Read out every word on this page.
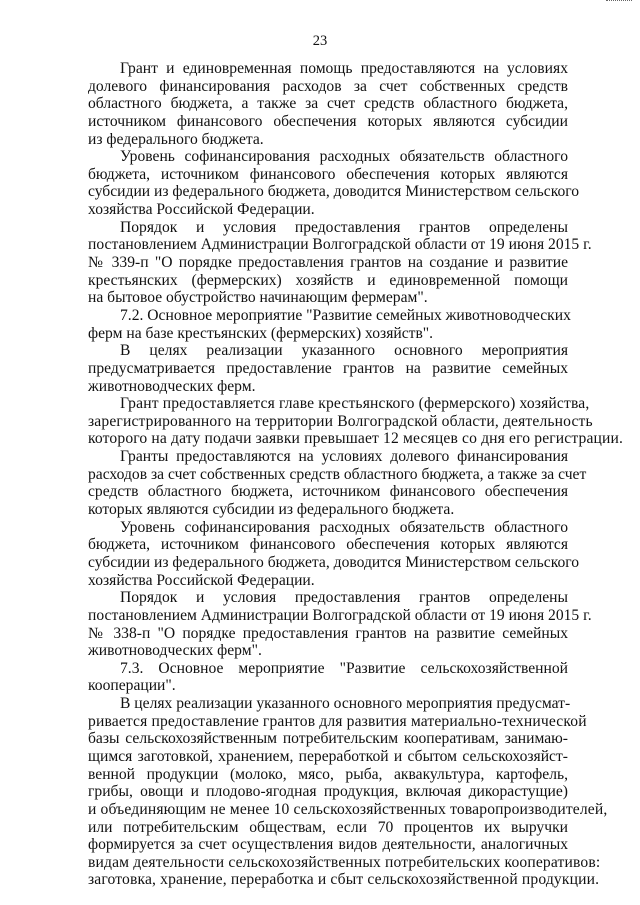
23
Грант и единовременная помощь предоставляются на условиях
долевого финансирования расходов за счет собственных средств
областного бюджета, а также за счет средств областного бюджета,
источником финансового обеспечения которых являются субсидии
из федерального бюджета.
Уровень софинансирования расходных обязательств областного
бюджета, источником финансового обеспечения которых являются
субсидии из федерального бюджета, доводится Министерством сельского
хозяйства Российской Федерации.
Порядок и условия предоставления грантов определены
постановлением Администрации Волгоградской области от 19 июня 2015 г.
№ 339-п "О порядке предоставления грантов на создание и развитие
крестьянских (фермерских) хозяйств и единовременной помощи
на бытовое обустройство начинающим фермерам".
7.2. Основное мероприятие "Развитие семейных животноводческих
ферм на базе крестьянских (фермерских) хозяйств".
В целях реализации указанного основного мероприятия
предусматривается предоставление грантов на развитие семейных
животноводческих ферм.
Грант предоставляется главе крестьянского (фермерского) хозяйства,
зарегистрированного на территории Волгоградской области, деятельность
которого на дату подачи заявки превышает 12 месяцев со дня его регистрации.
Гранты предоставляются на условиях долевого финансирования
расходов за счет собственных средств областного бюджета, а также за счет
средств областного бюджета, источником финансового обеспечения
которых являются субсидии из федерального бюджета.
Уровень софинансирования расходных обязательств областного
бюджета, источником финансового обеспечения которых являются
субсидии из федерального бюджета, доводится Министерством сельского
хозяйства Российской Федерации.
Порядок и условия предоставления грантов определены
постановлением Администрации Волгоградской области от 19 июня 2015 г.
№ 338-п "О порядке предоставления грантов на развитие семейных
животноводческих ферм".
7.3. Основное мероприятие "Развитие сельскохозяйственной
кооперации".
В целях реализации указанного основного мероприятия предусмат-
ривается предоставление грантов для развития материально-технической
базы сельскохозяйственным потребительским кооперативам, занимаю-
щимся заготовкой, хранением, переработкой и сбытом сельскохозяйст-
венной продукции (молоко, мясо, рыба, аквакультура, картофель,
грибы, овощи и плодово-ягодная продукция, включая дикорастущие)
и объединяющим не менее 10 сельскохозяйственных товаропроизводителей,
или потребительским обществам, если 70 процентов их выручки
формируется за счет осуществления видов деятельности, аналогичных
видам деятельности сельскохозяйственных потребительских кооперативов:
заготовка, хранение, переработка и сбыт сельскохозяйственной продукции.
